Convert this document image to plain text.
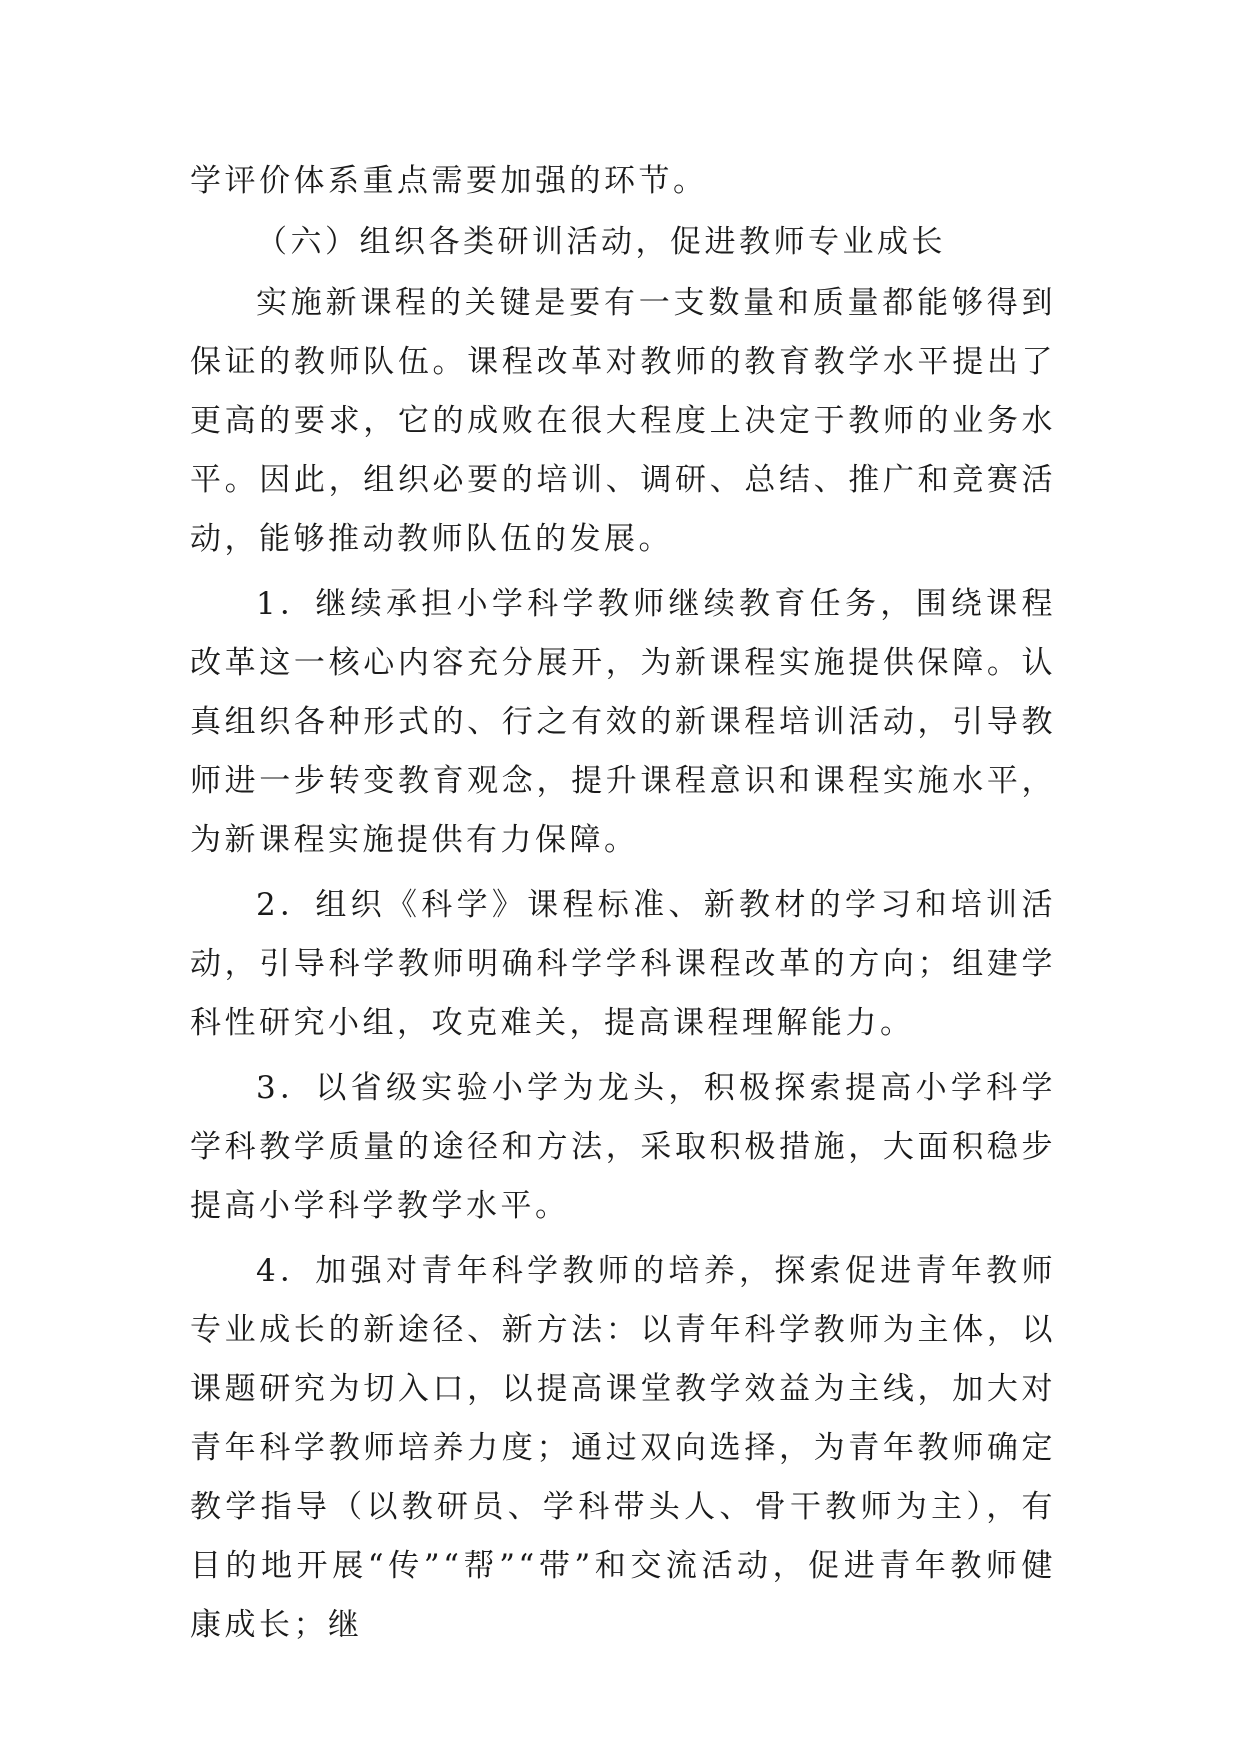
学评价体系重点需要加强的环节。

（六）组织各类研训活动，促进教师专业成长

实施新课程的关键是要有一支数量和质量都能够得到保证的教师队伍。课程改革对教师的教育教学水平提出了更高的要求，它的成败在很大程度上决定于教师的业务水平。因此，组织必要的培训、调研、总结、推广和竞赛活动，能够推动教师队伍的发展。

1．继续承担小学科学教师继续教育任务，围绕课程改革这一核心内容充分展开，为新课程实施提供保障。认真组织各种形式的、行之有效的新课程培训活动，引导教师进一步转变教育观念，提升课程意识和课程实施水平，为新课程实施提供有力保障。

2．组织《科学》课程标准、新教材的学习和培训活动，引导科学教师明确科学学科课程改革的方向；组建学科性研究小组，攻克难关，提高课程理解能力。

3．以省级实验小学为龙头，积极探索提高小学科学学科教学质量的途径和方法，采取积极措施，大面积稳步提高小学科学教学水平。

4．加强对青年科学教师的培养，探索促进青年教师专业成长的新途径、新方法：以青年科学教师为主体，以课题研究为切入口，以提高课堂教学效益为主线，加大对青年科学教师培养力度；通过双向选择，为青年教师确定教学指导（以教研员、学科带头人、骨干教师为主），有目的地开展“传”“帮”“带”和交流活动，促进青年教师健康成长；继
